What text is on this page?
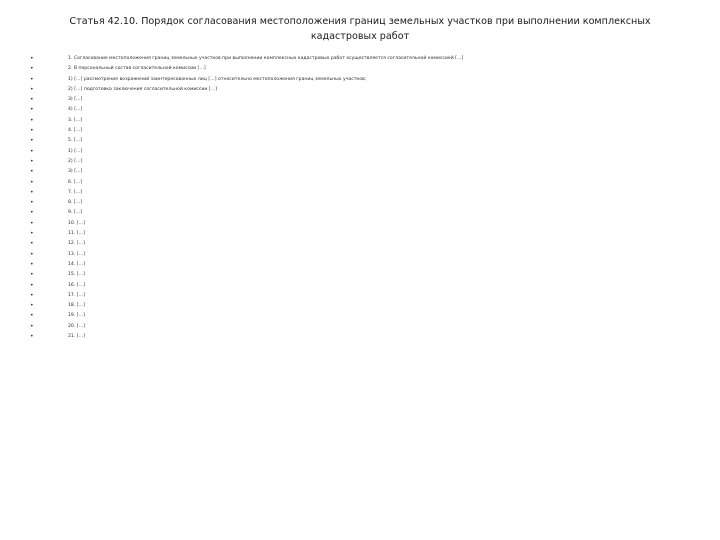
Статья 42.10. Порядок согласования местоположения границ земельных участков при выполнении комплексных кадастровых работ
•	1. Согласование местоположения границ земельных участков при выполнении комплексных кадастровых работ осуществляется согласительной комиссией […]
•	2. В персональный состав согласительной комиссии […]
•	1) […] рассмотрение возражений заинтересованных лиц […] относительно местоположения границ земельных участков;
•	2) […] подготовка заключения согласительной комиссии […]
•	3) […]
•	4) […]
•	3. […]
•	4. […]
•	5. […]
•	1) […]
•	2) […]
•	3) […]
•	6. […]
•	7. […]
•	8. […]
•	9. […]
•	10. […]
•	11. […]
•	12. […]
•	13. […]
•	14. […]
•	15. […]
•	16. […]
•	17. […]
•	18. […]
•	19. […]
•	20. […]
•	21. […]
